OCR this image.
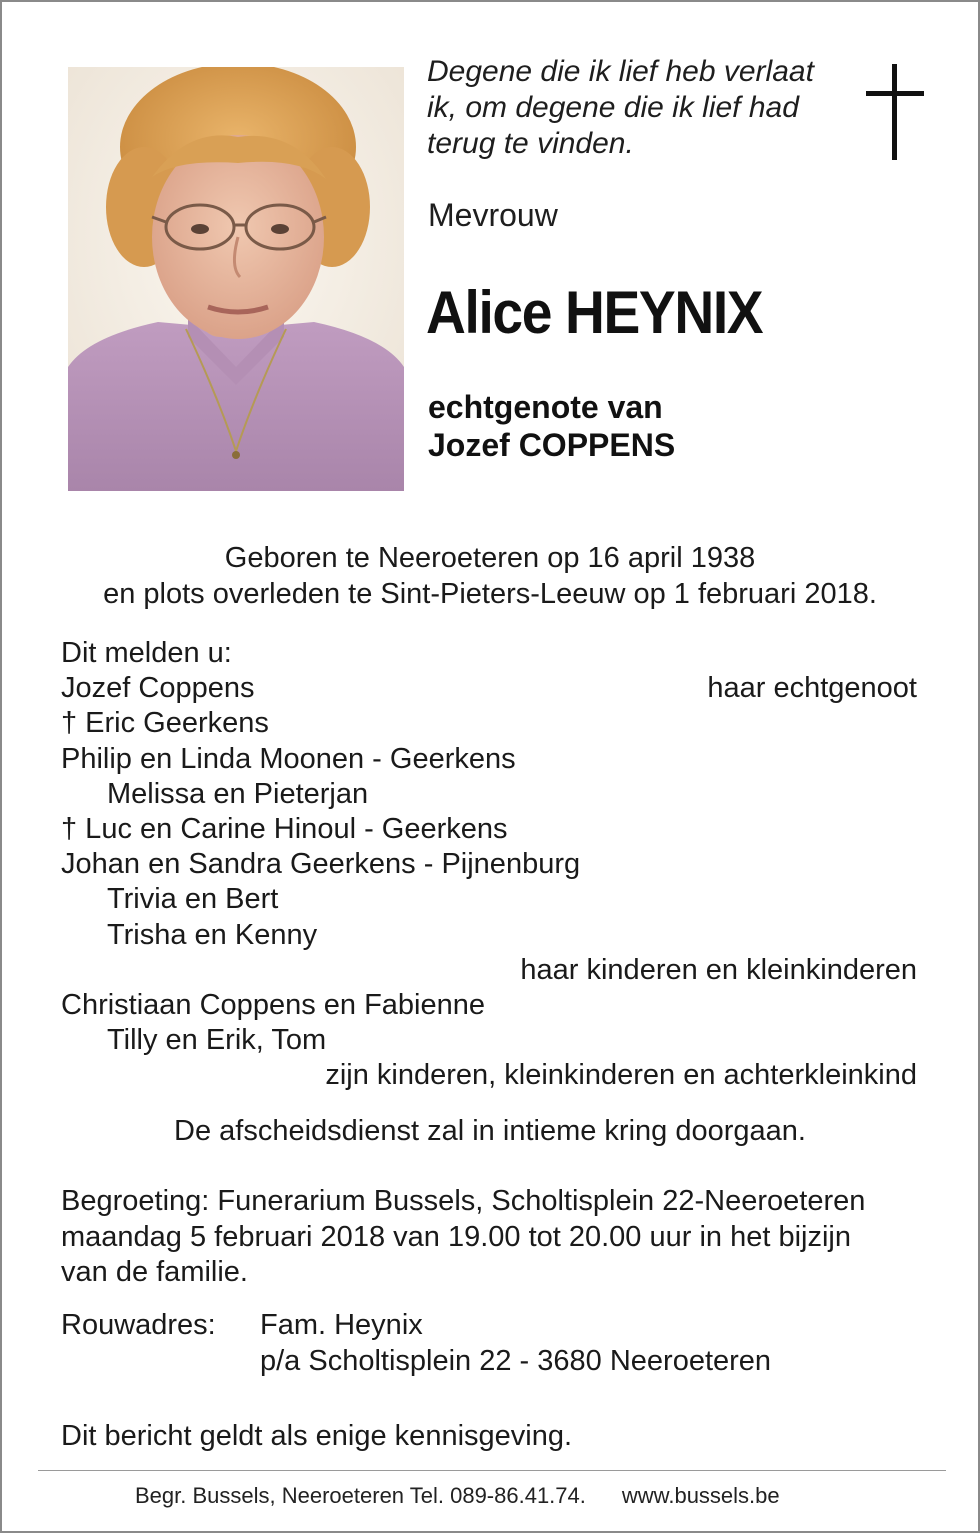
Degene die ik lief heb verlaat
ik, om degene die ik lief had
terug te vinden.
Mevrouw
Alice HEYNIX
echtgenote van
Jozef COPPENS
Geboren te Neeroeteren op 16 april 1938
en plots overleden te Sint-Pieters-Leeuw op 1 februari 2018.
Dit melden u:
Jozef Coppens	haar echtgenoot
† Eric Geerkens
Philip en Linda Moonen - Geerkens
Melissa en Pieterjan
† Luc en Carine Hinoul - Geerkens
Johan en Sandra Geerkens - Pijnenburg
Trivia en Bert
Trisha en Kenny
haar kinderen en kleinkinderen
Christiaan Coppens en Fabienne
Tilly en Erik, Tom
zijn kinderen, kleinkinderen en achterkleinkind
De afscheidsdienst zal in intieme kring doorgaan.
Begroeting: Funerarium Bussels, Scholtisplein 22-Neeroeteren
maandag 5 februari 2018 van 19.00 tot 20.00 uur in het bijzijn
van de familie.
Rouwadres: Fam. Heynix
p/a Scholtisplein 22 - 3680 Neeroeteren
Dit bericht geldt als enige kennisgeving.
Begr. Bussels, Neeroeteren Tel. 089-86.41.74. www.bussels.be
